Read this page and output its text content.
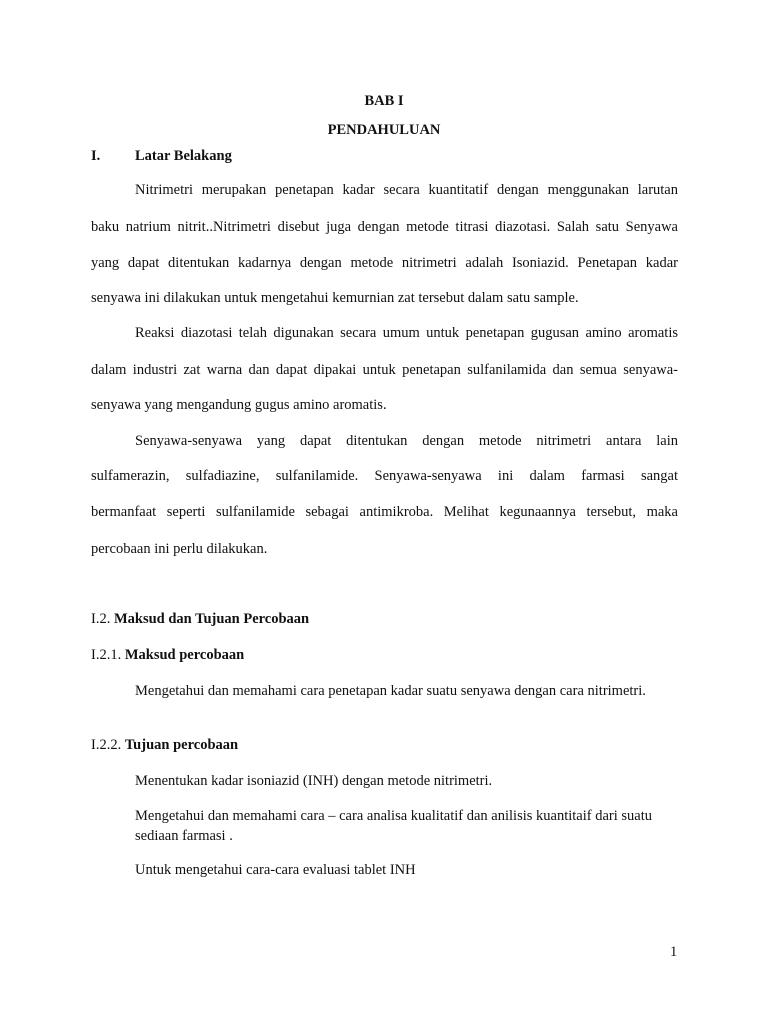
BAB I

PENDAHULUAN

I. Latar Belakang

Nitrimetri merupakan penetapan kadar secara kuantitatif dengan menggunakan larutan

baku natrium nitrit..Nitrimetri disebut juga dengan metode titrasi diazotasi. Salah satu Senyawa

yang dapat ditentukan kadarnya dengan metode nitrimetri adalah Isoniazid. Penetapan kadar

senyawa ini dilakukan untuk mengetahui kemurnian zat tersebut dalam satu sample.

Reaksi diazotasi telah digunakan secara umum untuk penetapan gugusan amino aromatis

dalam industri zat warna dan dapat dipakai untuk penetapan sulfanilamida dan semua senyawa-

senyawa yang mengandung gugus amino aromatis.

Senyawa-senyawa yang dapat ditentukan dengan metode nitrimetri antara lain

sulfamerazin, sulfadiazine, sulfanilamide. Senyawa-senyawa ini dalam farmasi sangat

bermanfaat seperti sulfanilamide sebagai antimikroba. Melihat kegunaannya tersebut, maka

percobaan ini perlu dilakukan.

I.2. Maksud dan Tujuan Percobaan

I.2.1. Maksud percobaan

Mengetahui dan memahami cara penetapan kadar suatu senyawa dengan cara nitrimetri.

I.2.2. Tujuan percobaan

Menentukan kadar isoniazid (INH) dengan metode nitrimetri.

Mengetahui dan memahami cara – cara analisa kualitatif dan anilisis kuantitaif dari suatu sediaan farmasi .

Untuk mengetahui cara-cara evaluasi tablet INH

1
